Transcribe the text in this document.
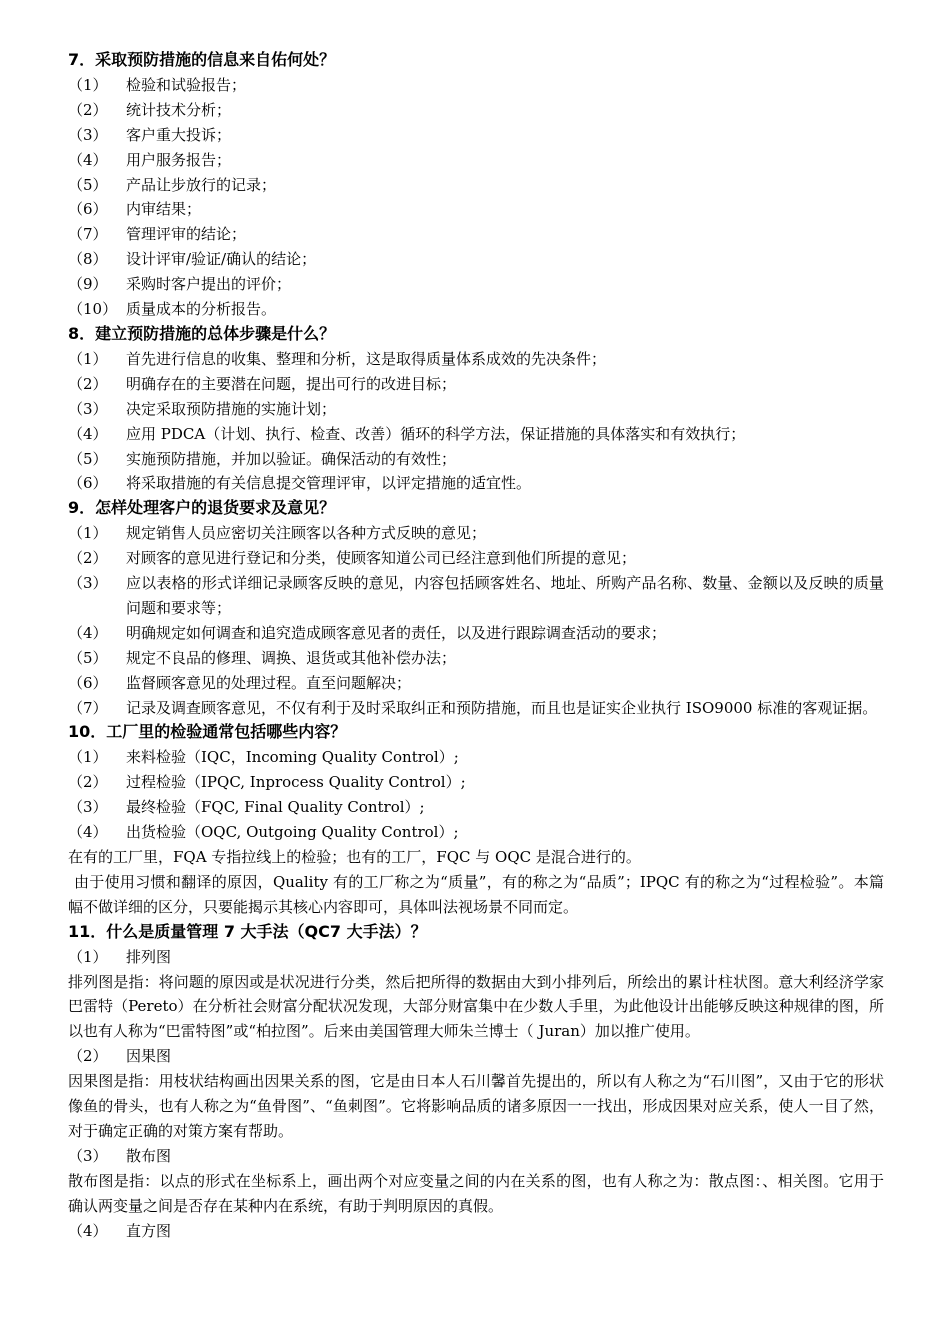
7．采取预防措施的信息来自佑何处？
（1）	检验和试验报告；
（2）	统计技术分析；
（3）	客户重大投诉；
（4）	用户服务报告；
（5）	产品让步放行的记录；
（6）	内审结果；
（7）	管理评审的结论；
（8）	设计评审/验证/确认的结论；
（9）	采购时客户提出的评价；
（10） 质量成本的分析报告。
8．建立预防措施的总体步骤是什么？
（1）	首先进行信息的收集、整理和分析，这是取得质量体系成效的先决条件；
（2）	明确存在的主要潜在问题，提出可行的改进目标；
（3）	决定采取预防措施的实施计划；
（4）	应用 PDCA（计划、执行、检查、改善）循环的科学方法，保证措施的具体落实和有效执行；
（5）	实施预防措施，并加以验证。确保活动的有效性；
（6）	将采取措施的有关信息提交管理评审，以评定措施的适宜性。
9．怎样处理客户的退货要求及意见？
（1）	规定销售人员应密切关注顾客以各种方式反映的意见；
（2）	对顾客的意见进行登记和分类，使顾客知道公司已经注意到他们所提的意见；
（3）	应以表格的形式详细记录顾客反映的意见，内容包括顾客姓名、地址、所购产品名称、数量、金额以及反映的质量问题和要求等；
（4）	明确规定如何调查和追究造成顾客意见者的责任，以及进行跟踪调查活动的要求；
（5）	规定不良品的修理、调换、退货或其他补偿办法；
（6）	监督顾客意见的处理过程。直至问题解决；
（7）	记录及调查顾客意见，不仅有利于及时采取纠正和预防措施，而且也是证实企业执行 ISO9000 标准的客观证据。
10．工厂里的检验通常包括哪些内容？
（1）	来料检验（IQC，Incoming Quality Control）;
（2）	过程检验（IPQC, Inprocess Quality Control）;
（3）	最终检验（FQC, Final Quality Control）;
（4）	出货检验（OQC, Outgoing Quality Control）;
在有的工厂里，FQA 专指拉线上的检验；也有的工厂，FQC 与 OQC 是混合进行的。
由于使用习惯和翻译的原因，Quality 有的工厂称之为“质量”，有的称之为“品质”；IPQC 有的称之为“过程检验”。本篇幅不做详细的区分，只要能揭示其核心内容即可，具体叫法视场景不同而定。
11．什么是质量管理 7 大手法（QC7 大手法）？
（1）	排列图
排列图是指：将问题的原因或是状况进行分类，然后把所得的数据由大到小排列后，所绘出的累计柱状图。意大利经济学家巴雷特（Pereto）在分析社会财富分配状况发现，大部分财富集中在少数人手里，为此他设计出能够反映这种规律的图，所以也有人称为“巴雷特图”或“柏拉图”。后来由美国管理大师朱兰博士（ Juran）加以推广使用。
（2）	因果图
因果图是指：用枝状结构画出因果关系的图，它是由日本人石川馨首先提出的，所以有人称之为“石川图”，又由于它的形状像鱼的骨头，也有人称之为“鱼骨图”、“鱼刺图”。它将影响品质的诸多原因一一找出，形成因果对应关系，使人一目了然，对于确定正确的对策方案有帮助。
（3）	散布图
散布图是指：以点的形式在坐标系上，画出两个对应变量之间的内在关系的图，也有人称之为：散点图：、相关图。它用于确认两变量之间是否存在某种内在系统，有助于判明原因的真假。
（4）	直方图
